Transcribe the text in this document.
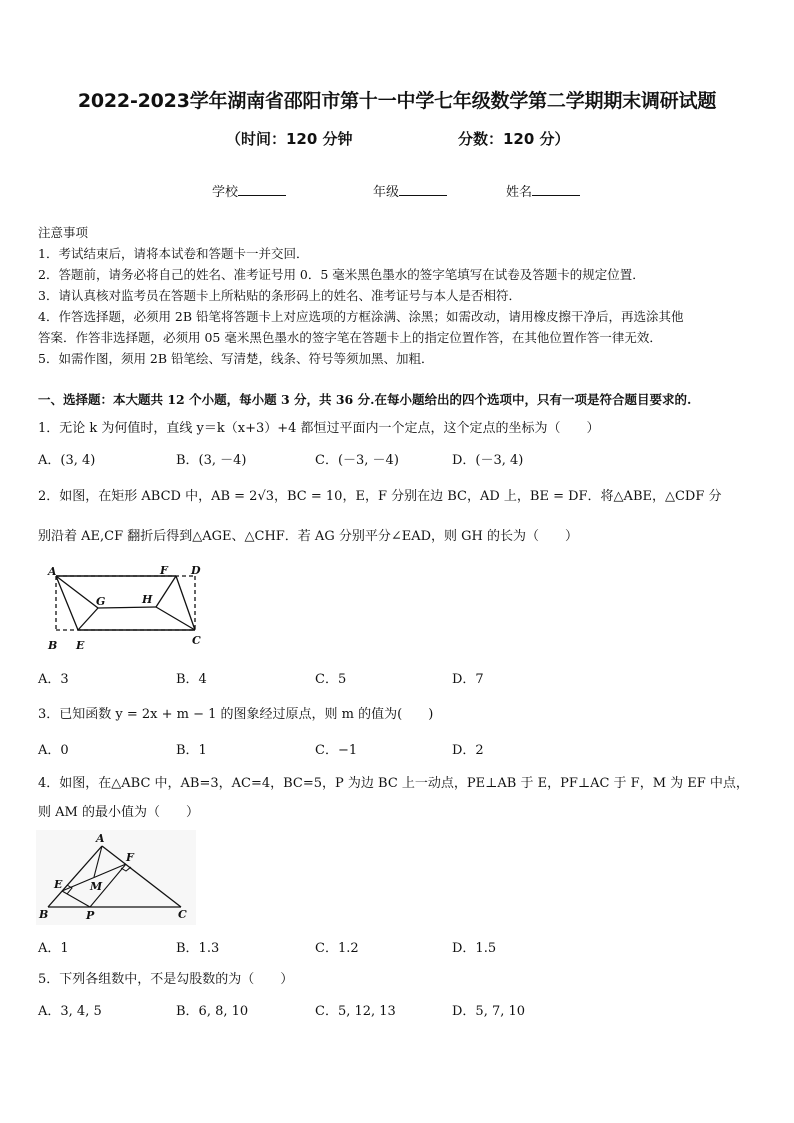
2022-2023学年湖南省邵阳市第十一中学七年级数学第二学期期末调研试题
（时间：120 分钟	分数：120 分）
学校	年级	姓名
注意事项
1．考试结束后，请将本试卷和答题卡一并交回．
2．答题前，请务必将自己的姓名、准考证号用 0．5 毫米黑色墨水的签字笔填写在试卷及答题卡的规定位置．
3．请认真核对监考员在答题卡上所粘贴的条形码上的姓名、准考证号与本人是否相符．
4．作答选择题，必须用 2B 铅笔将答题卡上对应选项的方框涂满、涂黑；如需改动，请用橡皮擦干净后，再选涂其他
答案．作答非选择题，必须用 05 毫米黑色墨水的签字笔在答题卡上的指定位置作答，在其他位置作答一律无效．
5．如需作图，须用 2B 铅笔绘、写清楚，线条、符号等须加黑、加粗．
一、选择题：本大题共 12 个小题，每小题 3 分，共 36 分.在每小题给出的四个选项中，只有一项是符合题目要求的.
1．无论 k 为何值时，直线 y＝k（x+3）+4 都恒过平面内一个定点，这个定点的坐标为（　　）
A．(3, 4)	B．(3, －4)	C．(－3, －4)	D．(－3, 4)
2．如图，在矩形 ABCD 中，AB = 2√3，BC = 10，E，F 分别在边 BC，AD 上，BE = DF．将△ABE，△CDF 分
别沿着 AE,CF 翻折后得到△AGE、△CHF．若 AG 分别平分∠EAD，则 GH 的长为（　　）
A	F D
G	H
B E	C
A．3	B．4	C．5	D．7
3．已知函数 y = 2x + m − 1 的图象经过原点，则 m 的值为(　　)
A．0	B．1	C．−1	D．2
4．如图，在△ABC 中，AB=3，AC=4，BC=5，P 为边 BC 上一动点，PE⊥AB 于 E，PF⊥AC 于 F，M 为 EF 中点，
则 AM 的最小值为（　　）
A
F
E	M
B	P	C
A．1	B．1.3	C．1.2	D．1.5
5．下列各组数中，不是勾股数的为（　　）
A．3, 4, 5	B．6, 8, 10	C．5, 12, 13	D．5, 7, 10
